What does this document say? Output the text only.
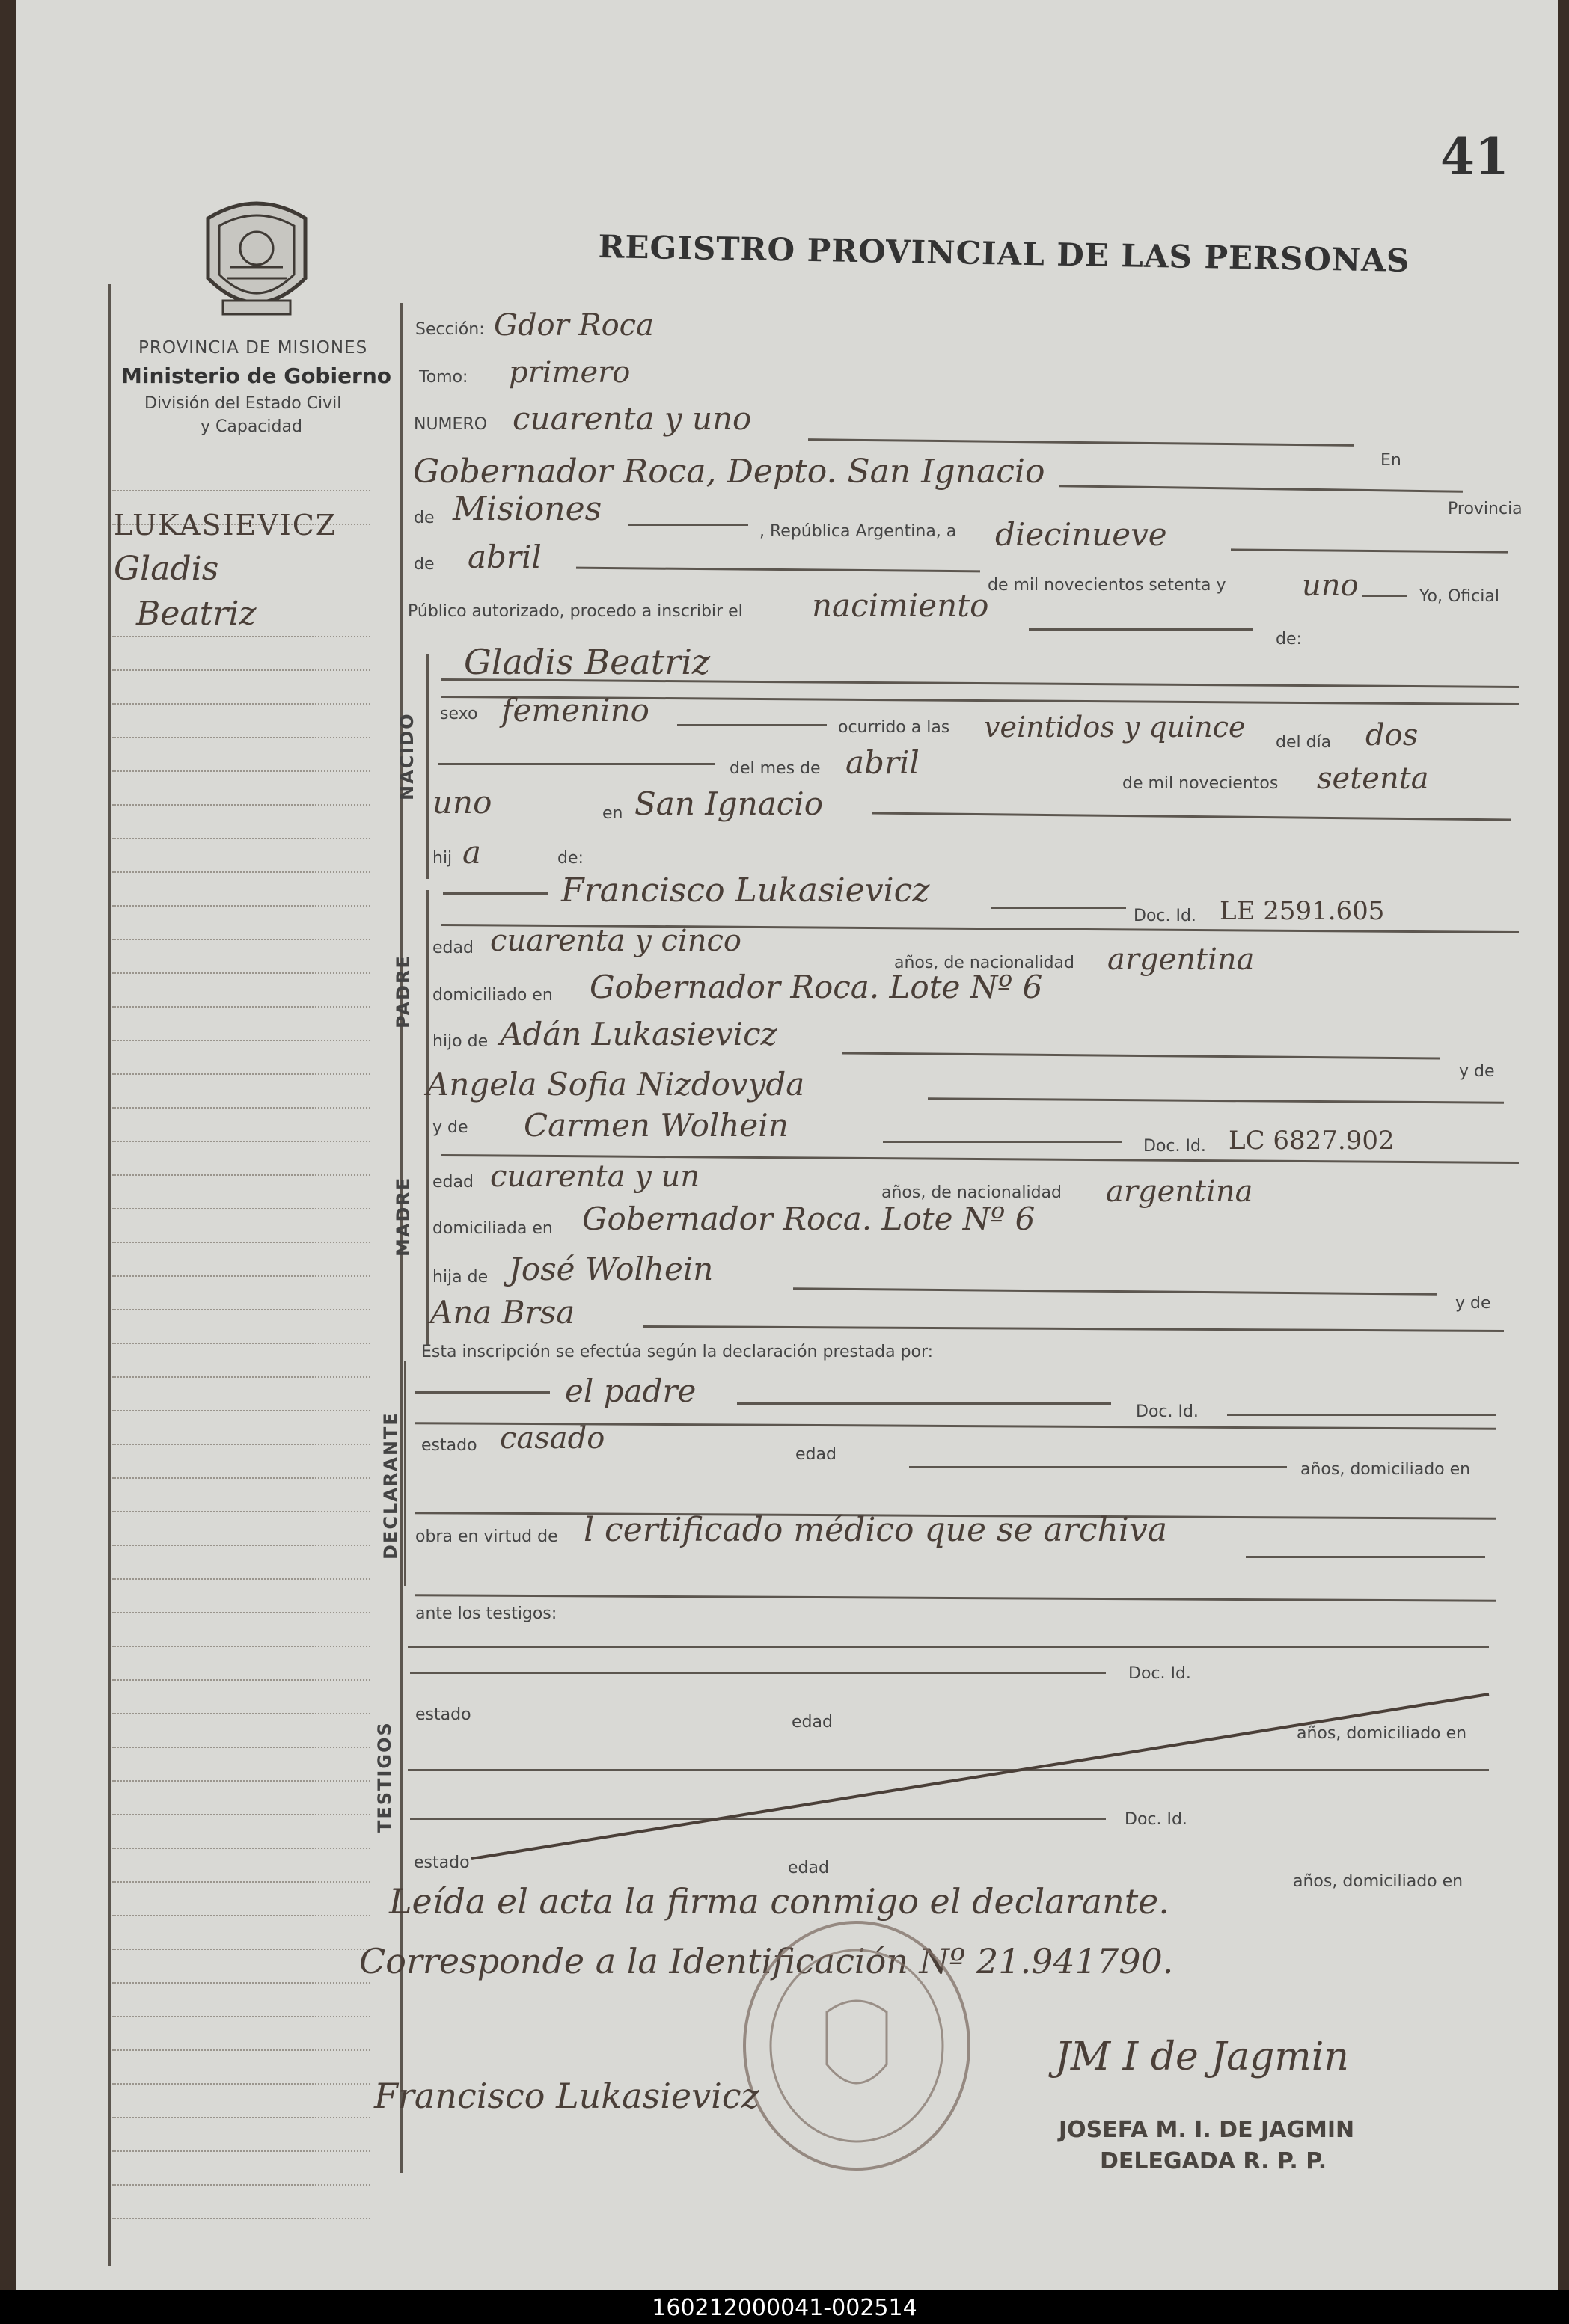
41
REGISTRO PROVINCIAL DE LAS PERSONAS
PROVINCIA DE MISIONES
Ministerio de Gobierno
División del Estado Civil
y Capacidad
LUKASIEVICZ
Gladis
Beatriz
Sección: Gdor Roca
Tomo: primero
NUMERO cuarenta y uno
En
Gobernador Roca, Depto. San Ignacio
Provincia
de Misiones
, República Argentina, a diecinueve
de abril
de mil novecientos setenta y	uno	Yo, Oficial
Público autorizado, procedo a inscribir el nacimiento
de:
NACIDO
Gladis Beatriz
sexo femenino	ocurrido a las veintidos y quince del día dos
del mes de abril
de mil novecientos setenta
uno	en San Ignacio
hij a	de:
PADRE
Francisco Lukasievicz
Doc. Id. LE 2591.605
edad cuarenta y cinco
años, de nacionalidad argentina
domiciliado en Gobernador Roca. Lote Nº 6
hijo de Adán Lukasievicz
y de
Angela Sofia Nizdovyda
MADRE
y de Carmen Wolhein
Doc. Id. LC 6827.902
edad cuarenta y un	años, de nacionalidad argentina
domiciliada en Gobernador Roca. Lote Nº 6
hija de José Wolhein
y de
Ana Brsa
Esta inscripción se efectúa según la declaración prestada por:
DECLARANTE
el padre
Doc. Id.
estado casado	edad
años, domiciliado en
obra en virtud de l certificado médico que se archiva
ante los testigos:
TESTIGOS
Doc. Id.
estado	edad
años, domiciliado en
Doc. Id.
estado	edad
años, domiciliado en
Leída el acta la firma conmigo el declarante.
Corresponde a la Identificación Nº 21.941790.
Francisco Lukasievicz
JM I de Jagmin
JOSEFA M. I. DE JAGMIN
DELEGADA R. P. P.
160212000041-002514
